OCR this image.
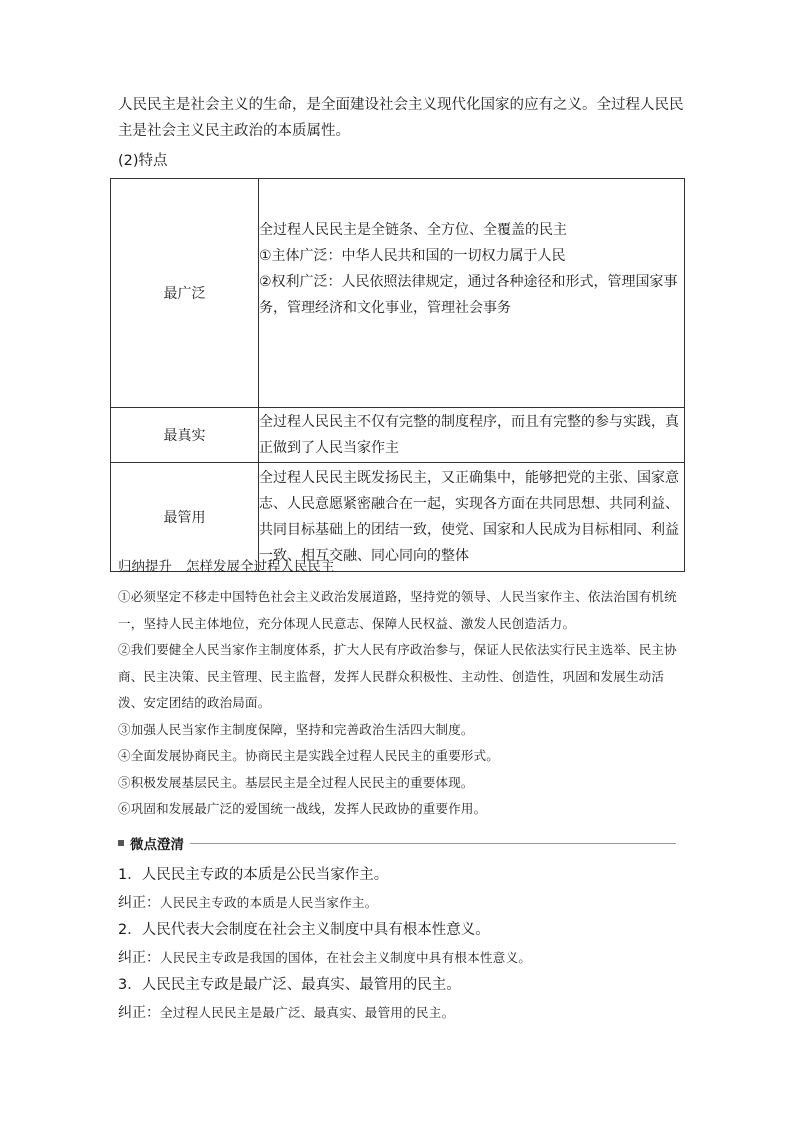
人民民主是社会主义的生命，是全面建设社会主义现代化国家的应有之义。全过程人民民主是社会主义民主政治的本质属性。

(2)特点

最广泛	全过程人民民主是全链条、全方位、全覆盖的民主

①主体广泛：中华人民共和国的一切权力属于人民

②权利广泛：人民依照法律规定，通过各种途径和形式，管理国家事务，管理经济和文化事业，管理社会事务

最真实	全过程人民民主不仅有完整的制度程序，而且有完整的参与实践，真正做到了人民当家作主

最管用	全过程人民民主既发扬民主，又正确集中，能够把党的主张、国家意志、人民意愿紧密融合在一起，实现各方面在共同思想、共同利益、共同目标基础上的团结一致，使党、国家和人民成为目标相同、利益一致、相互交融、同心同向的整体

归纳提升 怎样发展全过程人民民主

①必须坚定不移走中国特色社会主义政治发展道路，坚持党的领导、人民当家作主、依法治国有机统一，坚持人民主体地位，充分体现人民意志、保障人民权益、激发人民创造活力。

②我们要健全人民当家作主制度体系，扩大人民有序政治参与，保证人民依法实行民主选举、民主协商、民主决策、民主管理、民主监督，发挥人民群众积极性、主动性、创造性，巩固和发展生动活泼、安定团结的政治局面。

③加强人民当家作主制度保障，坚持和完善政治生活四大制度。

④全面发展协商民主。协商民主是实践全过程人民民主的重要形式。

⑤积极发展基层民主。基层民主是全过程人民民主的重要体现。

⑥巩固和发展最广泛的爱国统一战线，发挥人民政协的重要作用。

微点澄清

1．人民民主专政的本质是公民当家作主。

纠正：人民民主专政的本质是人民当家作主。

2．人民代表大会制度在社会主义制度中具有根本性意义。

纠正：人民民主专政是我国的国体，在社会主义制度中具有根本性意义。

3．人民民主专政是最广泛、最真实、最管用的民主。

纠正：全过程人民民主是最广泛、最真实、最管用的民主。
